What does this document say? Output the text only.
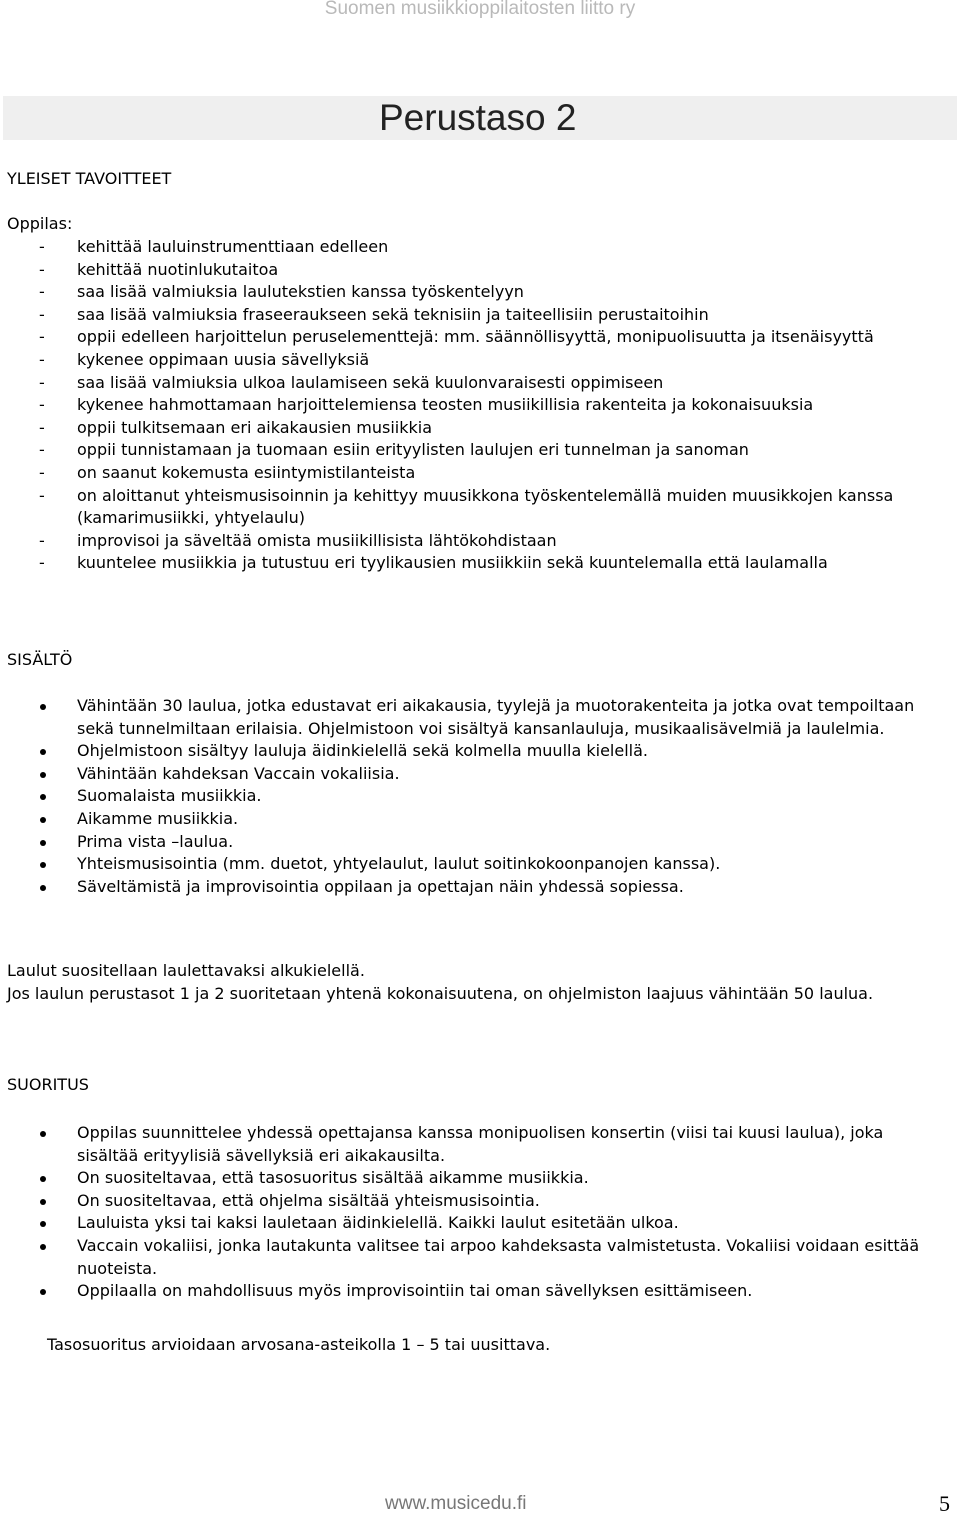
Suomen musiikkioppilaitosten liitto ry
Perustaso 2
YLEISET TAVOITTEET

Oppilas:

- kehittää lauluinstrumenttiaan edelleen
- kehittää nuotinlukutaitoa
- saa lisää valmiuksia laulutekstien kanssa työskentelyyn
- saa lisää valmiuksia fraseeraukseen sekä teknisiin ja taiteellisiin perustaitoihin
- oppii edelleen harjoittelun peruselementtejä: mm. säännöllisyyttä, monipuolisuutta ja itsenäisyyttä
- kykenee oppimaan uusia sävellyksiä
- saa lisää valmiuksia ulkoa laulamiseen sekä kuulonvaraisesti oppimiseen
- kykenee hahmottamaan harjoittelemiensa teosten musiikillisia rakenteita ja kokonaisuuksia
- oppii tulkitsemaan eri aikakausien musiikkia
- oppii tunnistamaan ja tuomaan esiin erityylisten laulujen eri tunnelman ja sanoman
- on saanut kokemusta esiintymistilanteista
- on aloittanut yhteismusisoinnin ja kehittyy muusikkona työskentelemällä muiden muusikkojen kanssa (kamarimusiikki, yhtyelaulu)
- improvisoi ja säveltää omista musiikillisista lähtökohdistaan
- kuuntelee musiikkia ja tutustuu eri tyylikausien musiikkiin sekä kuuntelemalla että laulamalla
SISÄLTÖ
Vähintään 30 laulua, jotka edustavat eri aikakausia, tyylejä ja muotorakenteita ja jotka ovat tempoiltaan sekä tunnelmiltaan erilaisia. Ohjelmistoon voi sisältyä kansanlauluja, musikaalisävelmiä ja laulelmia.
Ohjelmistoon sisältyy lauluja äidinkielellä sekä kolmella muulla kielellä.
Vähintään kahdeksan Vaccain vokaliisia.
Suomalaista musiikkia.
Aikamme musiikkia.
Prima vista –laulua.
Yhteismusisointia (mm. duetot, yhtyelaulut, laulut soitinkokoonpanojen kanssa).
Säveltämistä ja improvisointia oppilaan ja opettajan näin yhdessä sopiessa.

Laulut suositellaan laulettavaksi alkukielellä.

Jos laulun perustasot 1 ja 2 suoritetaan yhtenä kokonaisuutena, on ohjelmiston laajuus vähintään 50 laulua.

SUORITUS
Oppilas suunnittelee yhdessä opettajansa kanssa monipuolisen konsertin (viisi tai kuusi laulua), joka sisältää erityylisiä sävellyksiä eri aikakausilta.
On suositeltavaa, että tasosuoritus sisältää aikamme musiikkia.
On suositeltavaa, että ohjelma sisältää yhteismusisointia.
Lauluista yksi tai kaksi lauletaan äidinkielellä. Kaikki laulut esitetään ulkoa.
Vaccain vokaliisi, jonka lautakunta valitsee tai arpoo kahdeksasta valmistetusta. Vokaliisi voidaan esittää nuoteista.
Oppilaalla on mahdollisuus myös improvisointiin tai oman sävellyksen esittämiseen.

Tasosuoritus arvioidaan arvosana-asteikolla 1 – 5 tai uusittava.

www.musicedu.fi	5
